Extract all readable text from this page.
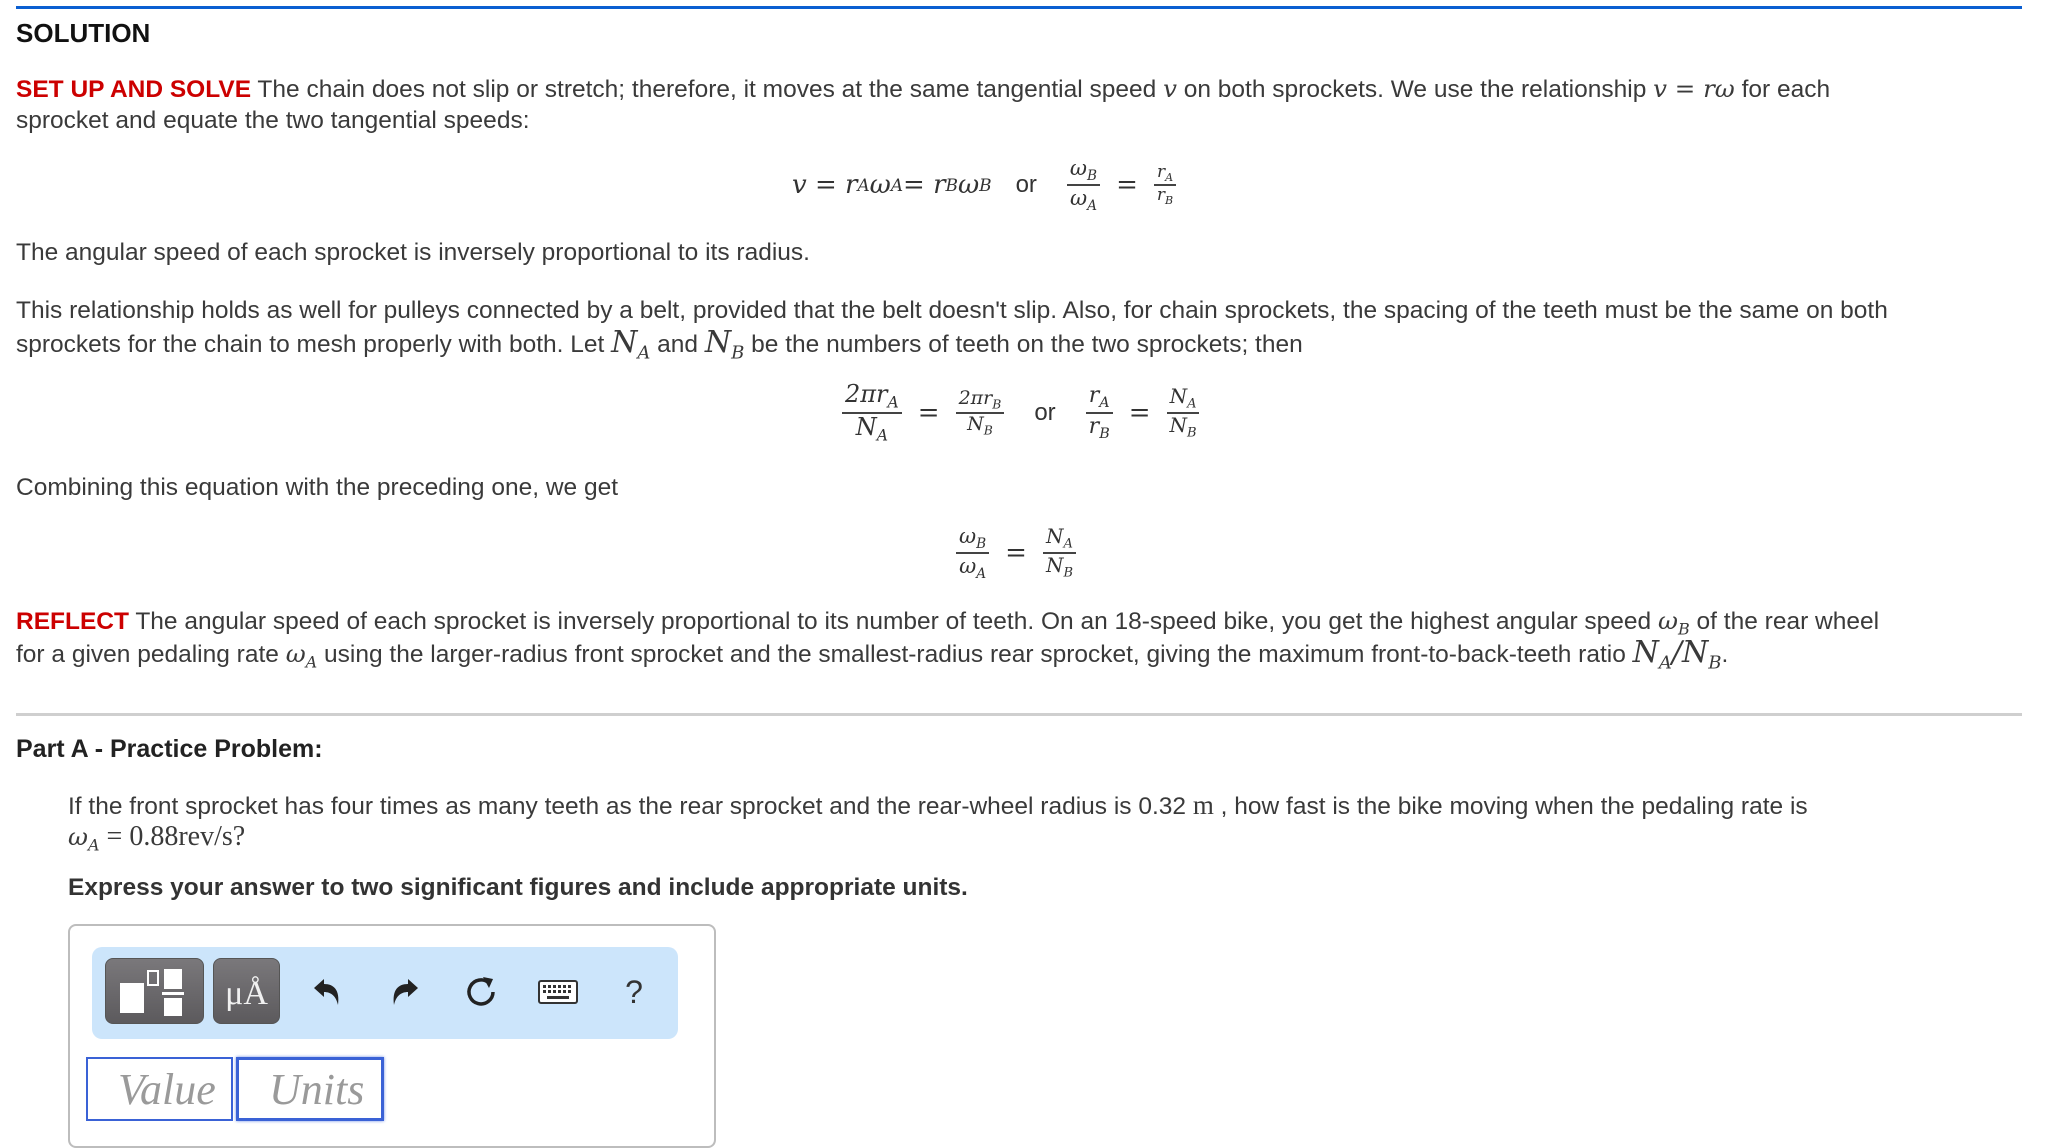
SOLUTION
SET UP AND SOLVE The chain does not slip or stretch; therefore, it moves at the same tangential speed v on both sprockets. We use the relationship v = rω for each
sprocket and equate the two tangential speeds:
v = r A ω A = r B ω B or $\frac{\omega_B}{\omega_A} = \frac{r_A}{r_B}$
The angular speed of each sprocket is inversely proportional to its radius.
This relationship holds as well for pulleys connected by a belt, provided that the belt doesn't slip. Also, for chain sprockets, the spacing of the teeth must be the same on both
sprockets for the chain to mesh properly with both. Let $N_A$ and $N_B$ be the numbers of teeth on the two sprockets; then
$\frac{2\pi r_A}{N_A} = \frac{2\pi r_B}{N_B}$ or $\frac{r_A}{r_B} = \frac{N_A}{N_B}$
Combining this equation with the preceding one, we get
$\frac{\omega_B}{\omega_A} = \frac{N_A}{N_B}$
REFLECT The angular speed of each sprocket is inversely proportional to its number of teeth. On an 18-speed bike, you get the highest angular speed $\omega_B$ of the rear wheel
for a given pedaling rate $\omega_A$ using the larger-radius front sprocket and the smallest-radius rear sprocket, giving the maximum front-to-back-teeth ratio $N_A/N_B$.
Part A - Practice Problem:
If the front sprocket has four times as many teeth as the rear sprocket and the rear-wheel radius is 0.32 m , how fast is the bike moving when the pedaling rate is
$\omega_A = 0.88rev/s$?
Express your answer to two significant figures and include appropriate units.
μÅ	?
Value
Units
